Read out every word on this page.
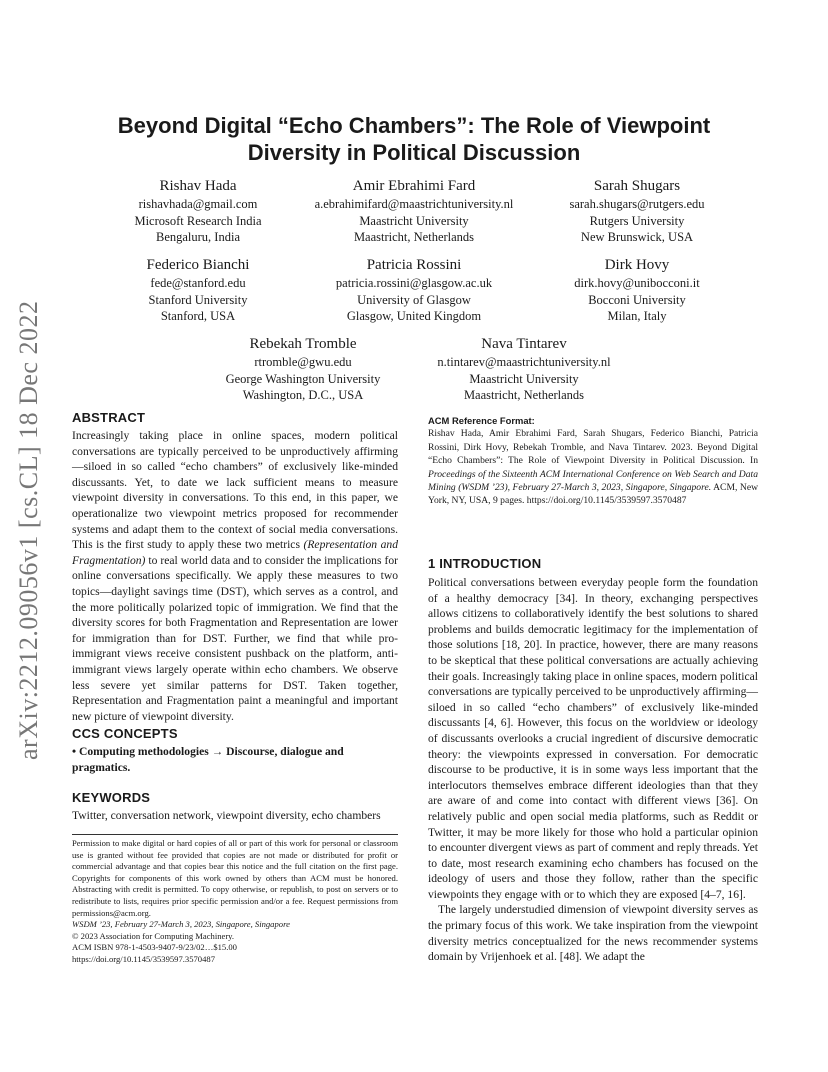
arXiv:2212.09056v1 [cs.CL] 18 Dec 2022
Beyond Digital “Echo Chambers”: The Role of Viewpoint Diversity in Political Discussion
Rishav Hada
rishavhada@gmail.com
Microsoft Research India
Bengaluru, India
Amir Ebrahimi Fard
a.ebrahimifard@maastrichtuniversity.nl
Maastricht University
Maastricht, Netherlands
Sarah Shugars
sarah.shugars@rutgers.edu
Rutgers University
New Brunswick, USA
Federico Bianchi
fede@stanford.edu
Stanford University
Stanford, USA
Patricia Rossini
patricia.rossini@glasgow.ac.uk
University of Glasgow
Glasgow, United Kingdom
Dirk Hovy
dirk.hovy@unibocconi.it
Bocconi University
Milan, Italy
Rebekah Tromble
rtromble@gwu.edu
George Washington University
Washington, D.C., USA
Nava Tintarev
n.tintarev@maastrichtuniversity.nl
Maastricht University
Maastricht, Netherlands
ABSTRACT
Increasingly taking place in online spaces, modern political conversations are typically perceived to be unproductively affirming—siloed in so called “echo chambers” of exclusively like-minded discussants. Yet, to date we lack sufficient means to measure viewpoint diversity in conversations. To this end, in this paper, we operationalize two viewpoint metrics proposed for recommender systems and adapt them to the context of social media conversations. This is the first study to apply these two metrics (Representation and Fragmentation) to real world data and to consider the implications for online conversations specifically. We apply these measures to two topics—daylight savings time (DST), which serves as a control, and the more politically polarized topic of immigration. We find that the diversity scores for both Fragmentation and Representation are lower for immigration than for DST. Further, we find that while pro-immigrant views receive consistent pushback on the platform, anti-immigrant views largely operate within echo chambers. We observe less severe yet similar patterns for DST. Taken together, Representation and Fragmentation paint a meaningful and important new picture of viewpoint diversity.
CCS CONCEPTS
• Computing methodologies → Discourse, dialogue and pragmatics.
KEYWORDS
Twitter, conversation network, viewpoint diversity, echo chambers
Permission to make digital or hard copies of all or part of this work for personal or classroom use is granted without fee provided that copies are not made or distributed for profit or commercial advantage and that copies bear this notice and the full citation on the first page. Copyrights for components of this work owned by others than ACM must be honored. Abstracting with credit is permitted. To copy otherwise, or republish, to post on servers or to redistribute to lists, requires prior specific permission and/or a fee. Request permissions from permissions@acm.org.
WSDM ’23, February 27-March 3, 2023, Singapore, Singapore
© 2023 Association for Computing Machinery.
ACM ISBN 978-1-4503-9407-9/23/02…$15.00
https://doi.org/10.1145/3539597.3570487
ACM Reference Format:
Rishav Hada, Amir Ebrahimi Fard, Sarah Shugars, Federico Bianchi, Patricia Rossini, Dirk Hovy, Rebekah Tromble, and Nava Tintarev. 2023. Beyond Digital “Echo Chambers”: The Role of Viewpoint Diversity in Political Discussion. In Proceedings of the Sixteenth ACM International Conference on Web Search and Data Mining (WSDM ’23), February 27-March 3, 2023, Singapore, Singapore. ACM, New York, NY, USA, 9 pages. https://doi.org/10.1145/3539597.3570487
1 INTRODUCTION

Political conversations between everyday people form the foundation of a healthy democracy [34]. In theory, exchanging perspectives allows citizens to collaboratively identify the best solutions to shared problems and builds democratic legitimacy for the implementation of those solutions [18, 20]. In practice, however, there are many reasons to be skeptical that these political conversations are actually achieving their goals. Increasingly taking place in online spaces, modern political conversations are typically perceived to be unproductively affirming—siloed in so called “echo chambers” of exclusively like-minded discussants [4, 6]. However, this focus on the worldview or ideology of discussants overlooks a crucial ingredient of discursive democratic theory: the viewpoints expressed in conversation. For democratic discourse to be productive, it is in some ways less important that the interlocutors themselves embrace different ideologies than that they are aware of and come into contact with different views [36]. On relatively public and open social media platforms, such as Reddit or Twitter, it may be more likely for those who hold a particular opinion to encounter divergent views as part of comment and reply threads. Yet to date, most research examining echo chambers has focused on the ideology of users and those they follow, rather than the specific viewpoints they engage with or to which they are exposed [4–7, 16].

The largely understudied dimension of viewpoint diversity serves as the primary focus of this work. We take inspiration from the viewpoint diversity metrics conceptualized for the news recommender systems domain by Vrijenhoek et al. [48]. We adapt the
